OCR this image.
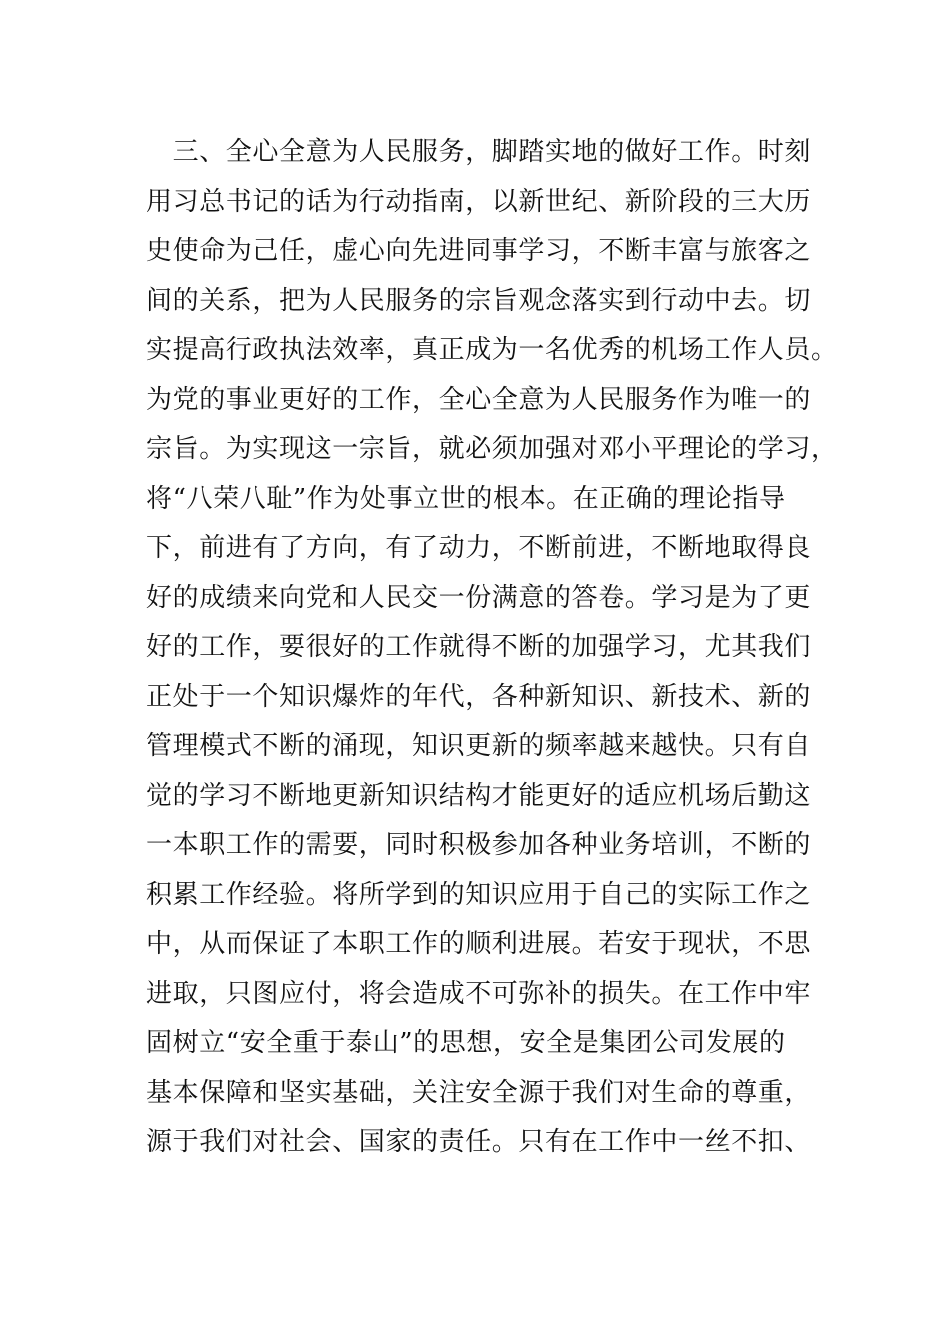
　三、全心全意为人民服务，脚踏实地的做好工作。时刻
用习总书记的话为行动指南，以新世纪、新阶段的三大历
史使命为己任，虚心向先进同事学习，不断丰富与旅客之
间的关系，把为人民服务的宗旨观念落实到行动中去。切
实提高行政执法效率，真正成为一名优秀的机场工作人员。
为党的事业更好的工作，全心全意为人民服务作为唯一的
宗旨。为实现这一宗旨，就必须加强对邓小平理论的学习，
将“八荣八耻”作为处事立世的根本。在正确的理论指导
下，前进有了方向，有了动力，不断前进，不断地取得良
好的成绩来向党和人民交一份满意的答卷。学习是为了更
好的工作，要很好的工作就得不断的加强学习，尤其我们
正处于一个知识爆炸的年代，各种新知识、新技术、新的
管理模式不断的涌现，知识更新的频率越来越快。只有自
觉的学习不断地更新知识结构才能更好的适应机场后勤这
一本职工作的需要，同时积极参加各种业务培训，不断的
积累工作经验。将所学到的知识应用于自己的实际工作之
中，从而保证了本职工作的顺利进展。若安于现状，不思
进取，只图应付，将会造成不可弥补的损失。在工作中牢
固树立“安全重于泰山”的思想，安全是集团公司发展的
基本保障和坚实基础，关注安全源于我们对生命的尊重，
源于我们对社会、国家的责任。只有在工作中一丝不扣、
